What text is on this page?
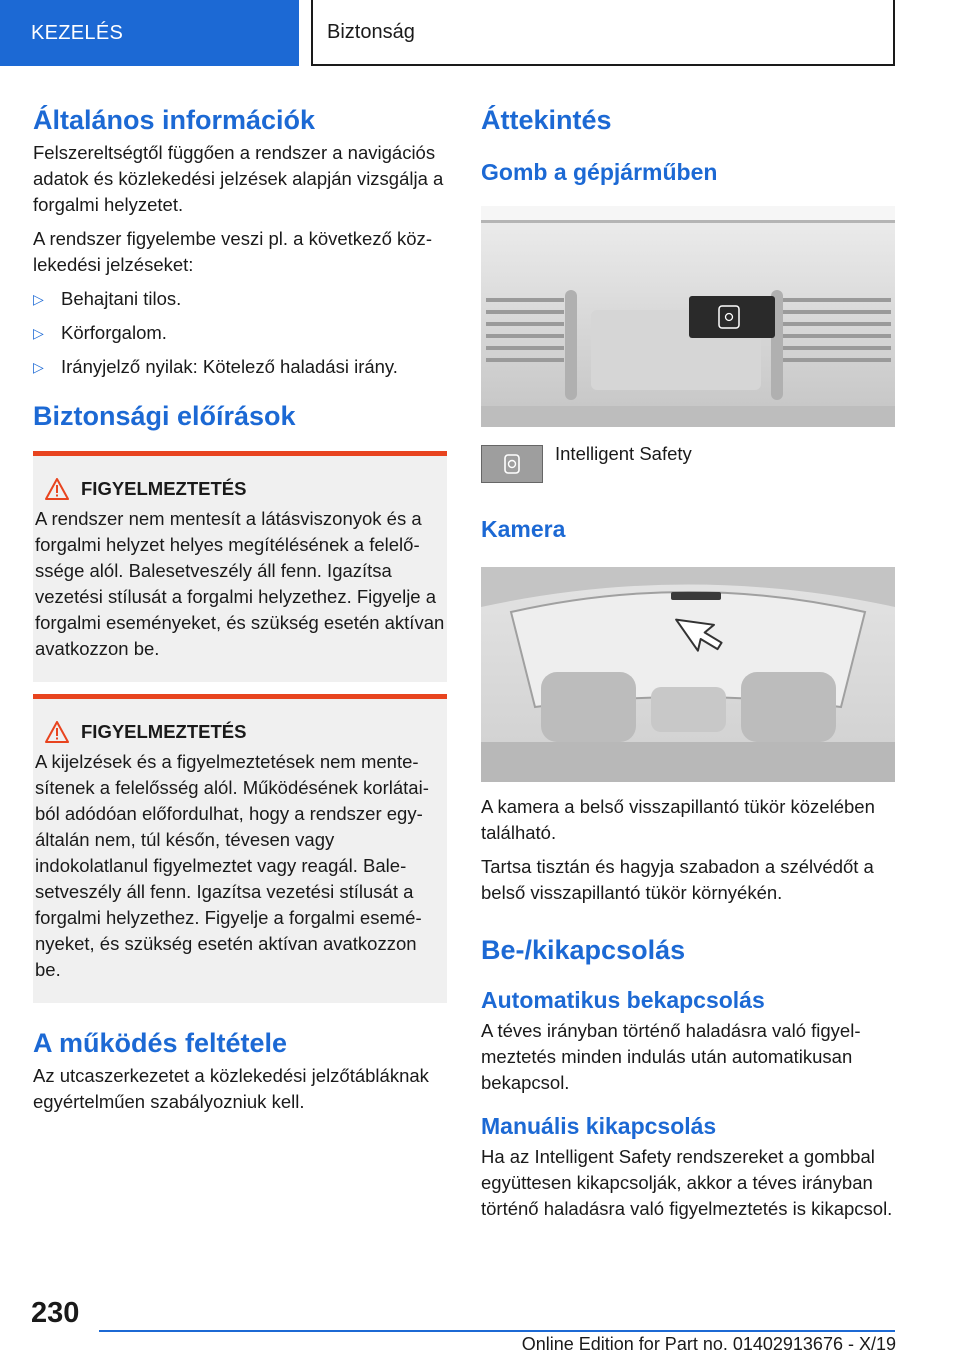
KEZELÉS	Biztonság
Általános információk

Felszereltségtől függően a rendszer a navigációs adatok és közlekedési jelzések alapján vizsgálja a forgalmi helyzetet.

A rendszer figyelembe veszi pl. a következő közlekedési jelzéseket:

▷ Behajtani tilos.
▷ Körforgalom.
▷ Irányjelző nyilak: Kötelező haladási irány.
Biztonsági előírások
FIGYELMEZTETÉS

A rendszer nem mentesít a látásviszonyok és a forgalmi helyzet helyes megítélésének a felelőssége alól. Balesetveszély áll fenn. Igazítsa vezetési stílusát a forgalmi helyzethez. Figyelje a forgalmi eseményeket, és szükség esetén aktívan avatkozzon be.

FIGYELMEZTETÉS

A kijelzések és a figyelmeztetések nem mentesítenek a felelősség alól. Működésének korlátaiból adódóan előfordulhat, hogy a rendszer egyáltalán nem, túl későn, tévesen vagy indokolatlanul figyelmeztet vagy reagál. Balesetveszély áll fenn. Igazítsa vezetési stílusát a forgalmi helyzethez. Figyelje a forgalmi eseményeket, és szükség esetén aktívan avatkozzon be.

A működés feltétele

Az utcaszerkezetet a közlekedési jelzőtábláknak egyértelműen szabályozniuk kell.

Áttekintés
Gomb a gépjárműben

Intelligent Safety

Kamera

A kamera a belső visszapillantó tükör közelében található.

Tartsa tisztán és hagyja szabadon a szélvédőt a belső visszapillantó tükör környékén.

Be-/kikapcsolás
Automatikus bekapcsolás

A téves irányban történő haladásra való figyelmeztetés minden indulás után automatikusan bekapcsol.

Manuális kikapcsolás

Ha az Intelligent Safety rendszereket a gombbal együttesen kikapcsolják, akkor a téves irányban történő haladásra való figyelmeztetés is kikapcsol.

230
Online Edition for Part no. 01402913676 - X/19
